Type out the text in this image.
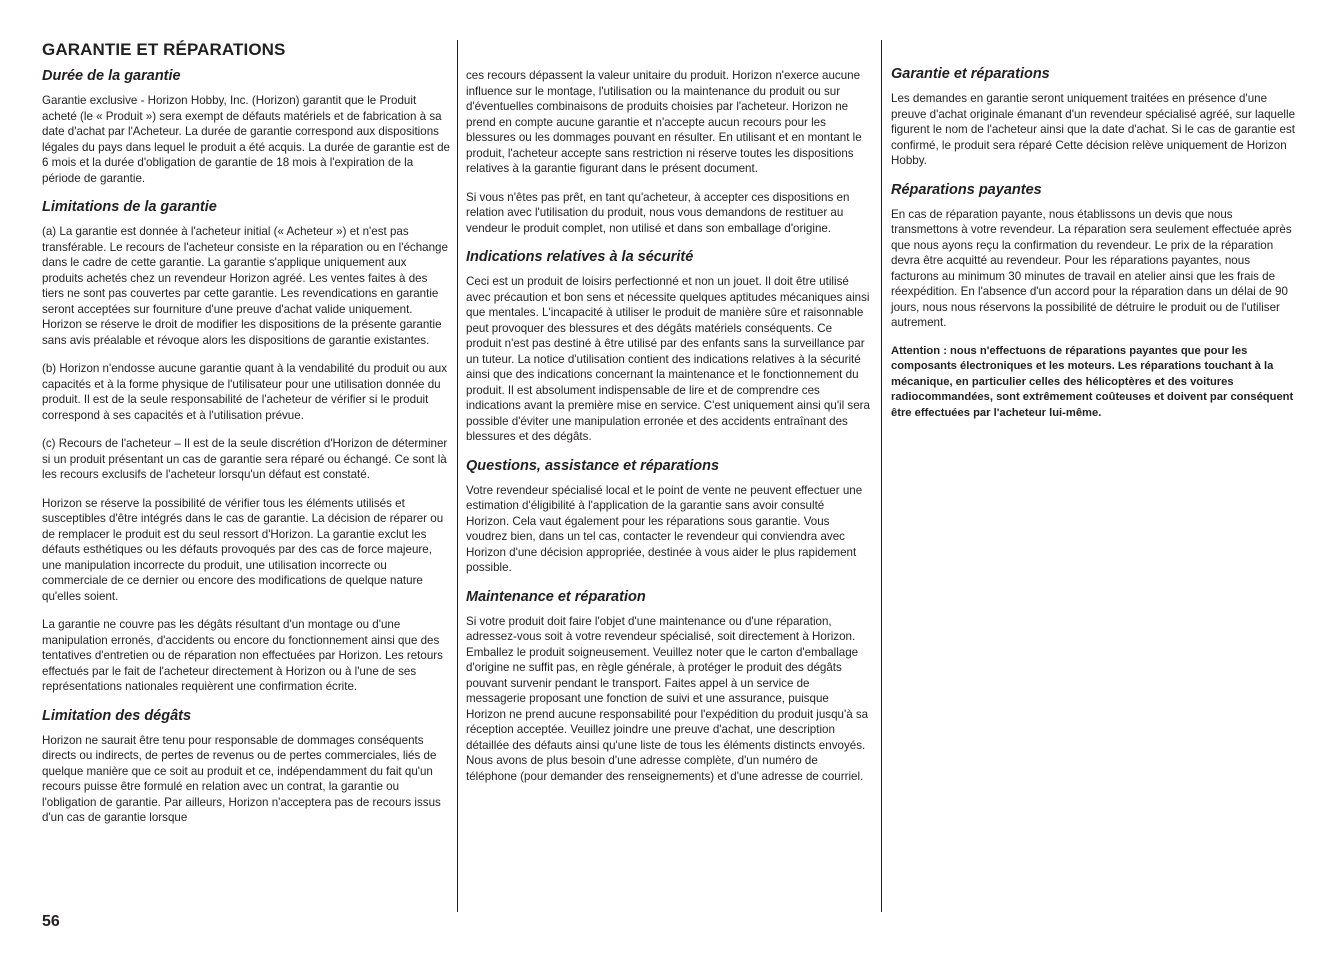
GARANTIE ET RÉPARATIONS
Durée de la garantie

Garantie exclusive - Horizon Hobby, Inc. (Horizon) garantit que le Produit acheté (le « Produit ») sera exempt de défauts matériels et de fabrication à sa date d'achat par l'Acheteur. La durée de garantie correspond aux dispositions légales du pays dans lequel le produit a été acquis. La durée de garantie est de 6 mois et la durée d'obligation de garantie de 18 mois à l'expiration de la période de garantie.

Limitations de la garantie

(a) La garantie est donnée à l'acheteur initial (« Acheteur ») et n'est pas transférable. Le recours de l'acheteur consiste en la réparation ou en l'échange dans le cadre de cette garantie. La garantie s'applique uniquement aux produits achetés chez un revendeur Horizon agréé. Les ventes faites à des tiers ne sont pas couvertes par cette garantie. Les revendications en garantie seront acceptées sur fourniture d'une preuve d'achat valide uniquement. Horizon se réserve le droit de modifier les dispositions de la présente garantie sans avis préalable et révoque alors les dispositions de garantie existantes.

(b) Horizon n'endosse aucune garantie quant à la vendabilité du produit ou aux capacités et à la forme physique de l'utilisateur pour une utilisation donnée du produit. Il est de la seule responsabilité de l'acheteur de vérifier si le produit correspond à ses capacités et à l'utilisation prévue.

(c) Recours de l'acheteur – Il est de la seule discrétion d'Horizon de déterminer si un produit présentant un cas de garantie sera réparé ou échangé. Ce sont là les recours exclusifs de l'acheteur lorsqu'un défaut est constaté.

Horizon se réserve la possibilité de vérifier tous les éléments utilisés et susceptibles d'être intégrés dans le cas de garantie. La décision de réparer ou de remplacer le produit est du seul ressort d'Horizon. La garantie exclut les défauts esthétiques ou les défauts provoqués par des cas de force majeure, une manipulation incorrecte du produit, une utilisation incorrecte ou commerciale de ce dernier ou encore des modifications de quelque nature qu'elles soient.

La garantie ne couvre pas les dégâts résultant d'un montage ou d'une manipulation erronés, d'accidents ou encore du fonctionnement ainsi que des tentatives d'entretien ou de réparation non effectuées par Horizon. Les retours effectués par le fait de l'acheteur directement à Horizon ou à l'une de ses représentations nationales requièrent une confirmation écrite.

Limitation des dégâts

Horizon ne saurait être tenu pour responsable de dommages conséquents directs ou indirects, de pertes de revenus ou de pertes commerciales, liés de quelque manière que ce soit au produit et ce, indépendamment du fait qu'un recours puisse être formulé en relation avec un contrat, la garantie ou l'obligation de garantie. Par ailleurs, Horizon n'acceptera pas de recours issus d'un cas de garantie lorsque

ces recours dépassent la valeur unitaire du produit. Horizon n'exerce aucune influence sur le montage, l'utilisation ou la maintenance du produit ou sur d'éventuelles combinaisons de produits choisies par l'acheteur. Horizon ne prend en compte aucune garantie et n'accepte aucun recours pour les blessures ou les dommages pouvant en résulter. En utilisant et en montant le produit, l'acheteur accepte sans restriction ni réserve toutes les dispositions relatives à la garantie figurant dans le présent document.

Si vous n'êtes pas prêt, en tant qu'acheteur, à accepter ces dispositions en relation avec l'utilisation du produit, nous vous demandons de restituer au vendeur le produit complet, non utilisé et dans son emballage d'origine.

Indications relatives à la sécurité

Ceci est un produit de loisirs perfectionné et non un jouet. Il doit être utilisé avec précaution et bon sens et nécessite quelques aptitudes mécaniques ainsi que mentales. L'incapacité à utiliser le produit de manière sûre et raisonnable peut provoquer des blessures et des dégâts matériels conséquents. Ce produit n'est pas destiné à être utilisé par des enfants sans la surveillance par un tuteur. La notice d'utilisation contient des indications relatives à la sécurité ainsi que des indications concernant la maintenance et le fonctionnement du produit. Il est absolument indispensable de lire et de comprendre ces indications avant la première mise en service. C'est uniquement ainsi qu'il sera possible d'éviter une manipulation erronée et des accidents entraînant des blessures et des dégâts.

Questions, assistance et réparations

Votre revendeur spécialisé local et le point de vente ne peuvent effectuer une estimation d'éligibilité à l'application de la garantie sans avoir consulté Horizon. Cela vaut également pour les réparations sous garantie. Vous voudrez bien, dans un tel cas, contacter le revendeur qui conviendra avec Horizon d'une décision appropriée, destinée à vous aider le plus rapidement possible.

Maintenance et réparation

Si votre produit doit faire l'objet d'une maintenance ou d'une réparation, adressez-vous soit à votre revendeur spécialisé, soit directement à Horizon. Emballez le produit soigneusement. Veuillez noter que le carton d'emballage d'origine ne suffit pas, en règle générale, à protéger le produit des dégâts pouvant survenir pendant le transport. Faites appel à un service de messagerie proposant une fonction de suivi et une assurance, puisque Horizon ne prend aucune responsabilité pour l'expédition du produit jusqu'à sa réception acceptée. Veuillez joindre une preuve d'achat, une description détaillée des défauts ainsi qu'une liste de tous les éléments distincts envoyés. Nous avons de plus besoin d'une adresse complète, d'un numéro de téléphone (pour demander des renseignements) et d'une adresse de courriel.

Garantie et réparations

Les demandes en garantie seront uniquement traitées en présence d'une preuve d'achat originale émanant d'un revendeur spécialisé agréé, sur laquelle figurent le nom de l'acheteur ainsi que la date d'achat. Si le cas de garantie est confirmé, le produit sera réparé Cette décision relève uniquement de Horizon Hobby.

Réparations payantes

En cas de réparation payante, nous établissons un devis que nous transmettons à votre revendeur. La réparation sera seulement effectuée après que nous ayons reçu la confirmation du revendeur. Le prix de la réparation devra être acquitté au revendeur. Pour les réparations payantes, nous facturons au minimum 30 minutes de travail en atelier ainsi que les frais de réexpédition. En l'absence d'un accord pour la réparation dans un délai de 90 jours, nous nous réservons la possibilité de détruire le produit ou de l'utiliser autrement.

Attention : nous n'effectuons de réparations payantes que pour les composants électroniques et les moteurs. Les réparations touchant à la mécanique, en particulier celles des hélicoptères et des voitures radiocommandées, sont extrêmement coûteuses et doivent par conséquent être effectuées par l'acheteur lui-même.

56
